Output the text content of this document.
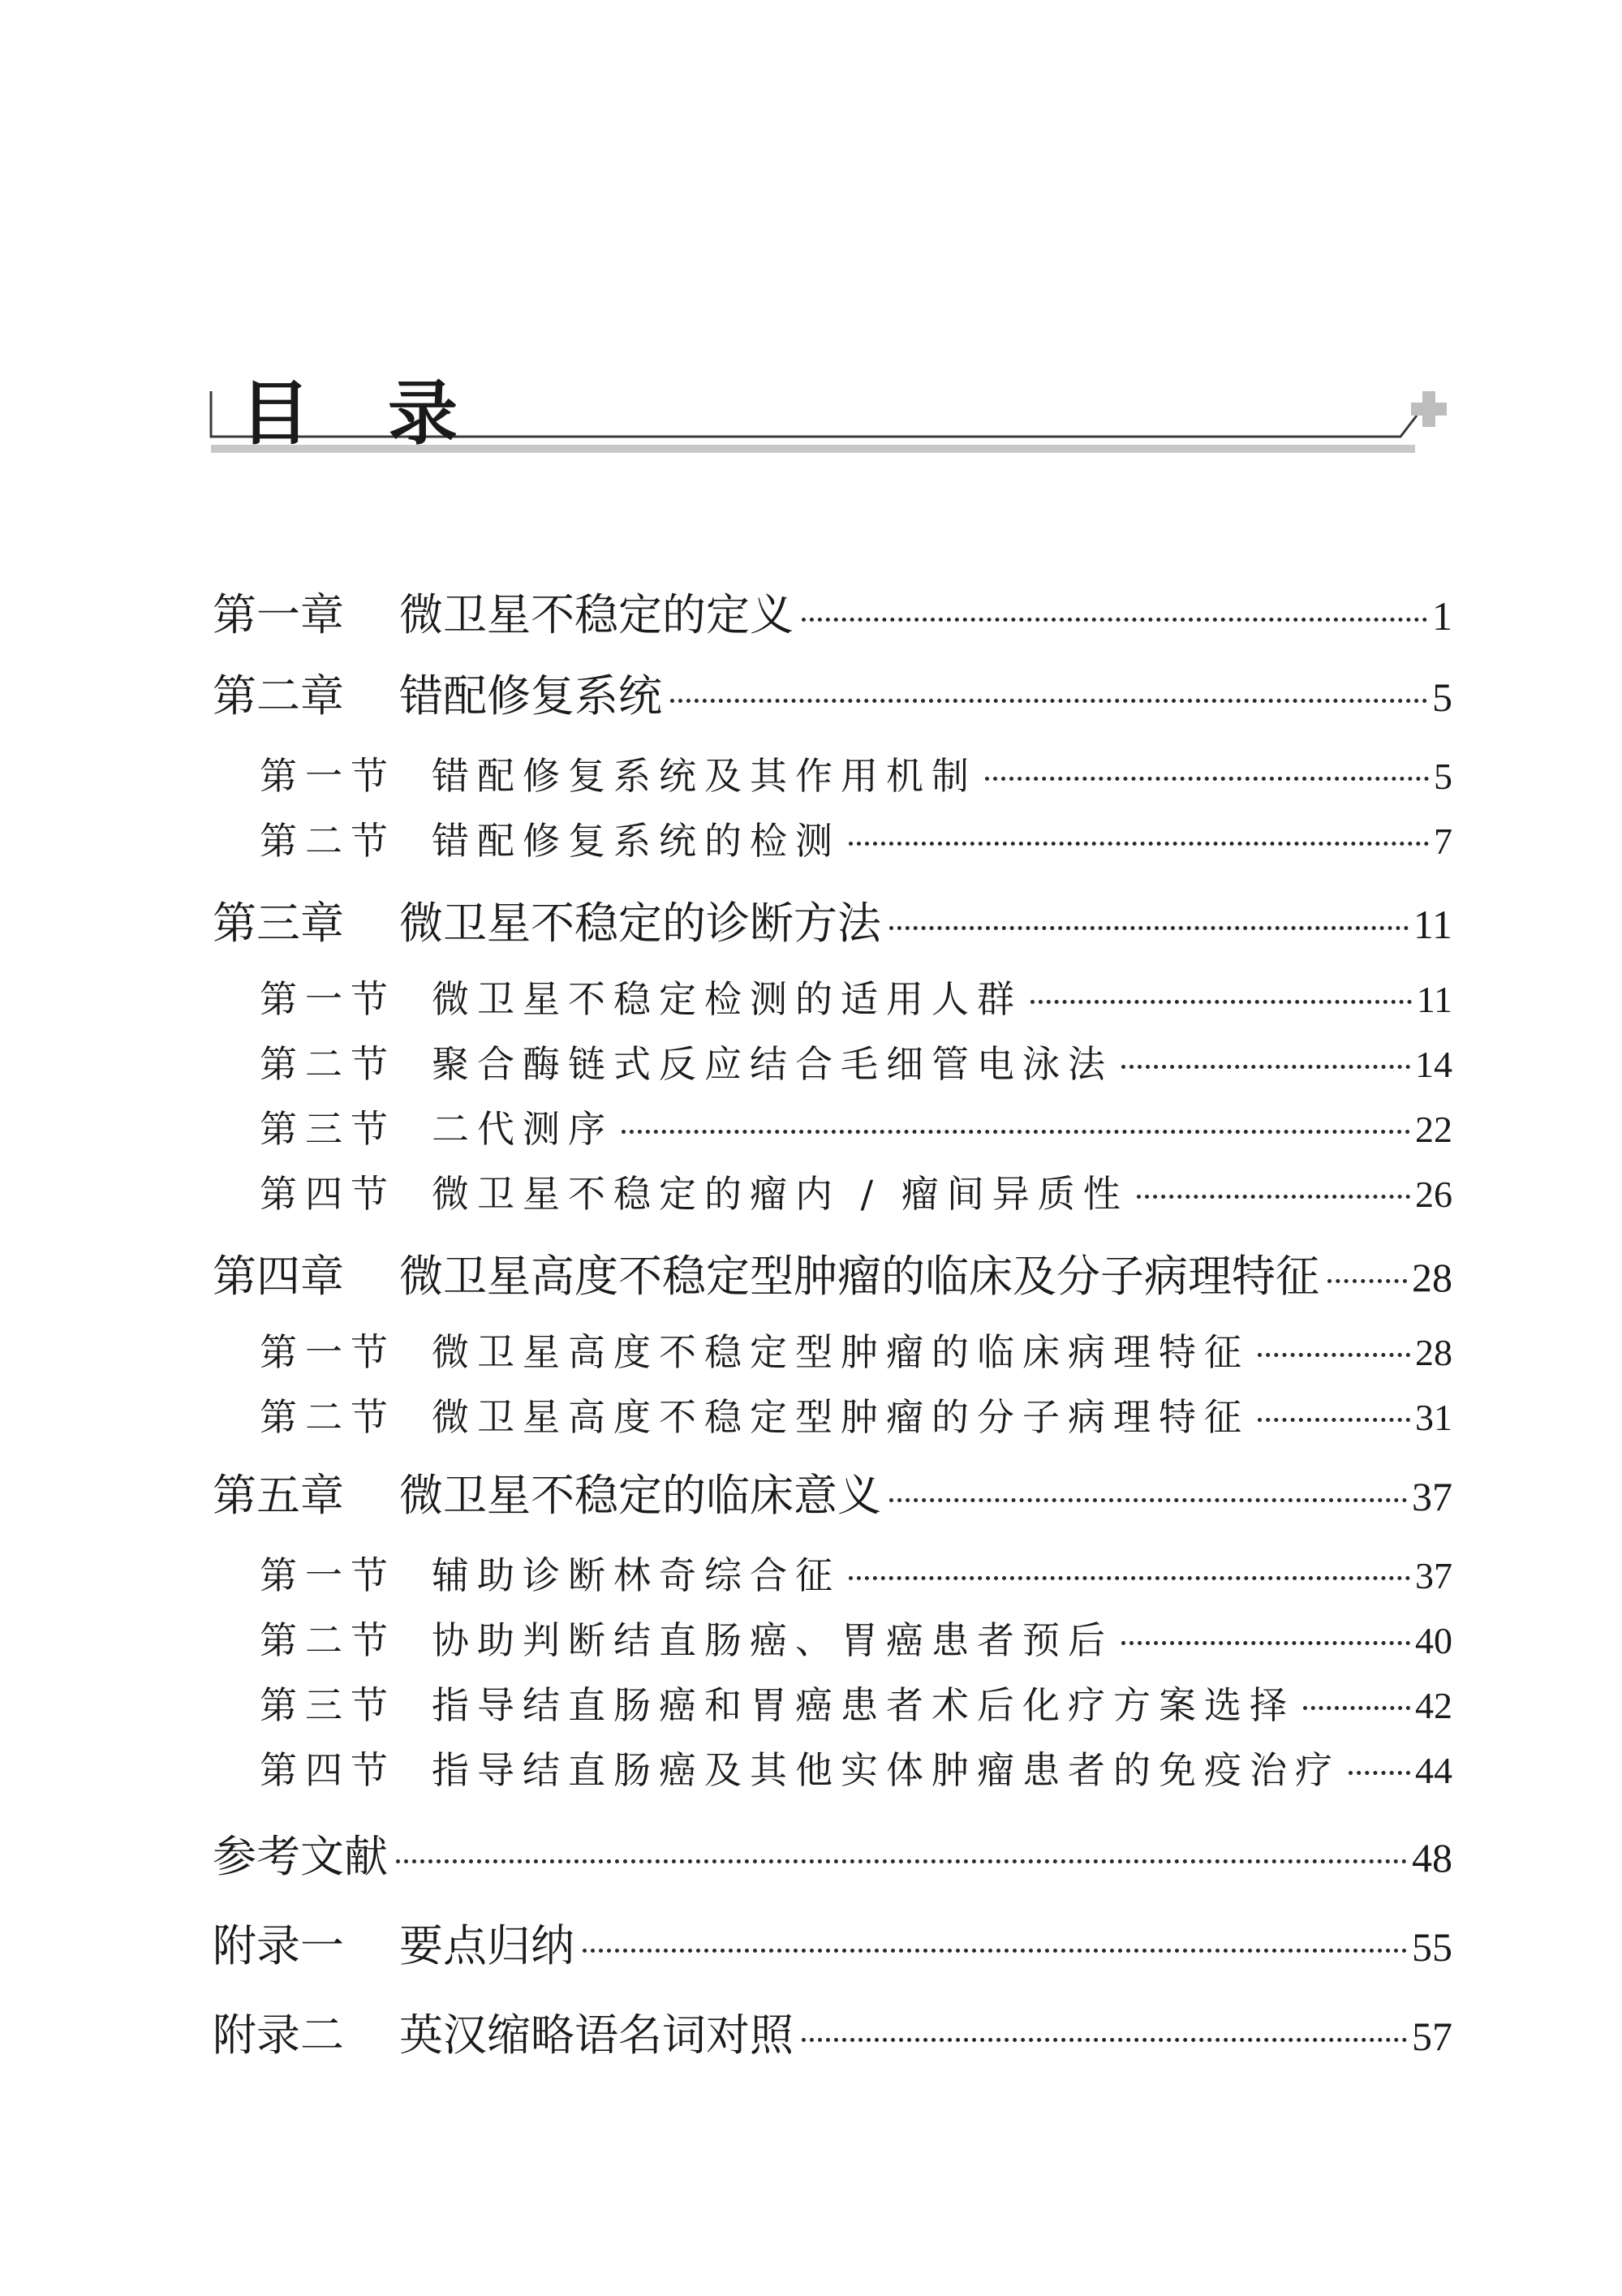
目录
第一章	微卫星不稳定的定义	1
第二章	错配修复系统	5
第一节 错配修复系统及其作用机制	5
第二节 错配修复系统的检测	7
第三章	微卫星不稳定的诊断方法	11
第一节 微卫星不稳定检测的适用人群	11
第二节 聚合酶链式反应结合毛细管电泳法	14
第三节 二代测序	22
第四节 微卫星不稳定的瘤内 / 瘤间异质性	26
第四章	微卫星高度不稳定型肿瘤的临床及分子病理特征 28
第一节 微卫星高度不稳定型肿瘤的临床病理特征	28
第二节 微卫星高度不稳定型肿瘤的分子病理特征	31
第五章	微卫星不稳定的临床意义	37
第一节 辅助诊断林奇综合征	37
第二节 协助判断结直肠癌、胃癌患者预后	40
第三节 指导结直肠癌和胃癌患者术后化疗方案选择	42
第四节 指导结直肠癌及其他实体肿瘤患者的免疫治疗 44
参考文献	48
附录一	要点归纳	55
附录二	英汉缩略语名词对照	57
